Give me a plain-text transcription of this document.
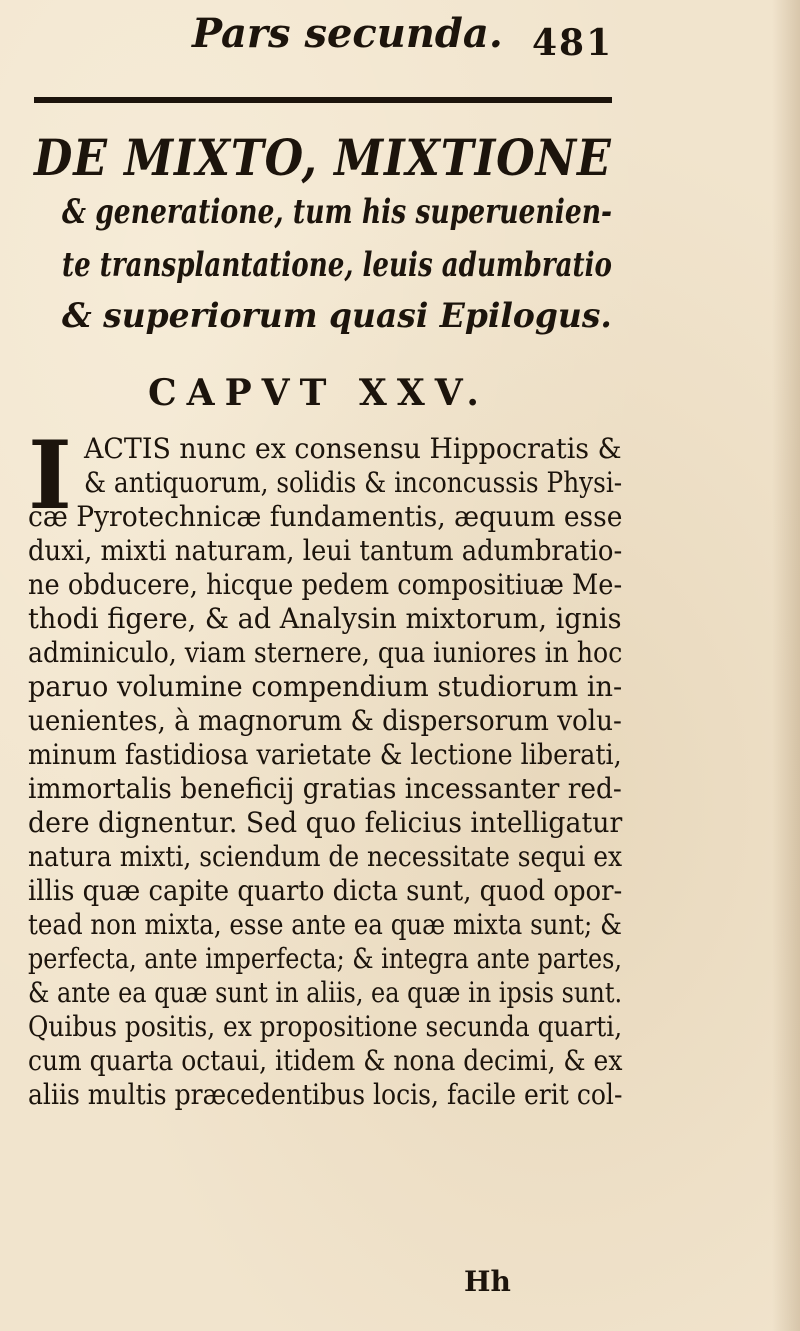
Pars secunda. 481
DE MIXTO, MIXTIONE
& generatione, tum his superuenien-
te transplantatione, leuis adumbratio
& superiorum quasi Epilogus.
CAPVT XXV.
I ACTIS nunc ex consensu Hippocratis &
& antiquorum, solidis & inconcussis Physi-
cæ Pyrotechnicæ fundamentis, æquum esse
duxi, mixti naturam, leui tantum adumbratio-
ne obducere, hicque pedem compositiuæ Me-
thodi figere, & ad Analysin mixtorum, ignis
adminiculo, viam sternere, qua iuniores in hoc
paruo volumine compendium studiorum in-
uenientes, à magnorum & dispersorum volu-
minum fastidiosa varietate & lectione liberati,
immortalis beneficij gratias incessanter red-
dere dignentur. Sed quo felicius intelligatur
natura mixti, sciendum de necessitate sequi ex
illis quæ capite quarto dicta sunt, quod opor-
tead non mixta, esse ante ea quæ mixta sunt; &
perfecta, ante imperfecta; & integra ante partes,
& ante ea quæ sunt in aliis, ea quæ in ipsis sunt.
Quibus positis, ex propositione secunda quarti,
cum quarta octaui, itidem & nona decimi, & ex
aliis multis præcedentibus locis, facile erit col-
Hh
